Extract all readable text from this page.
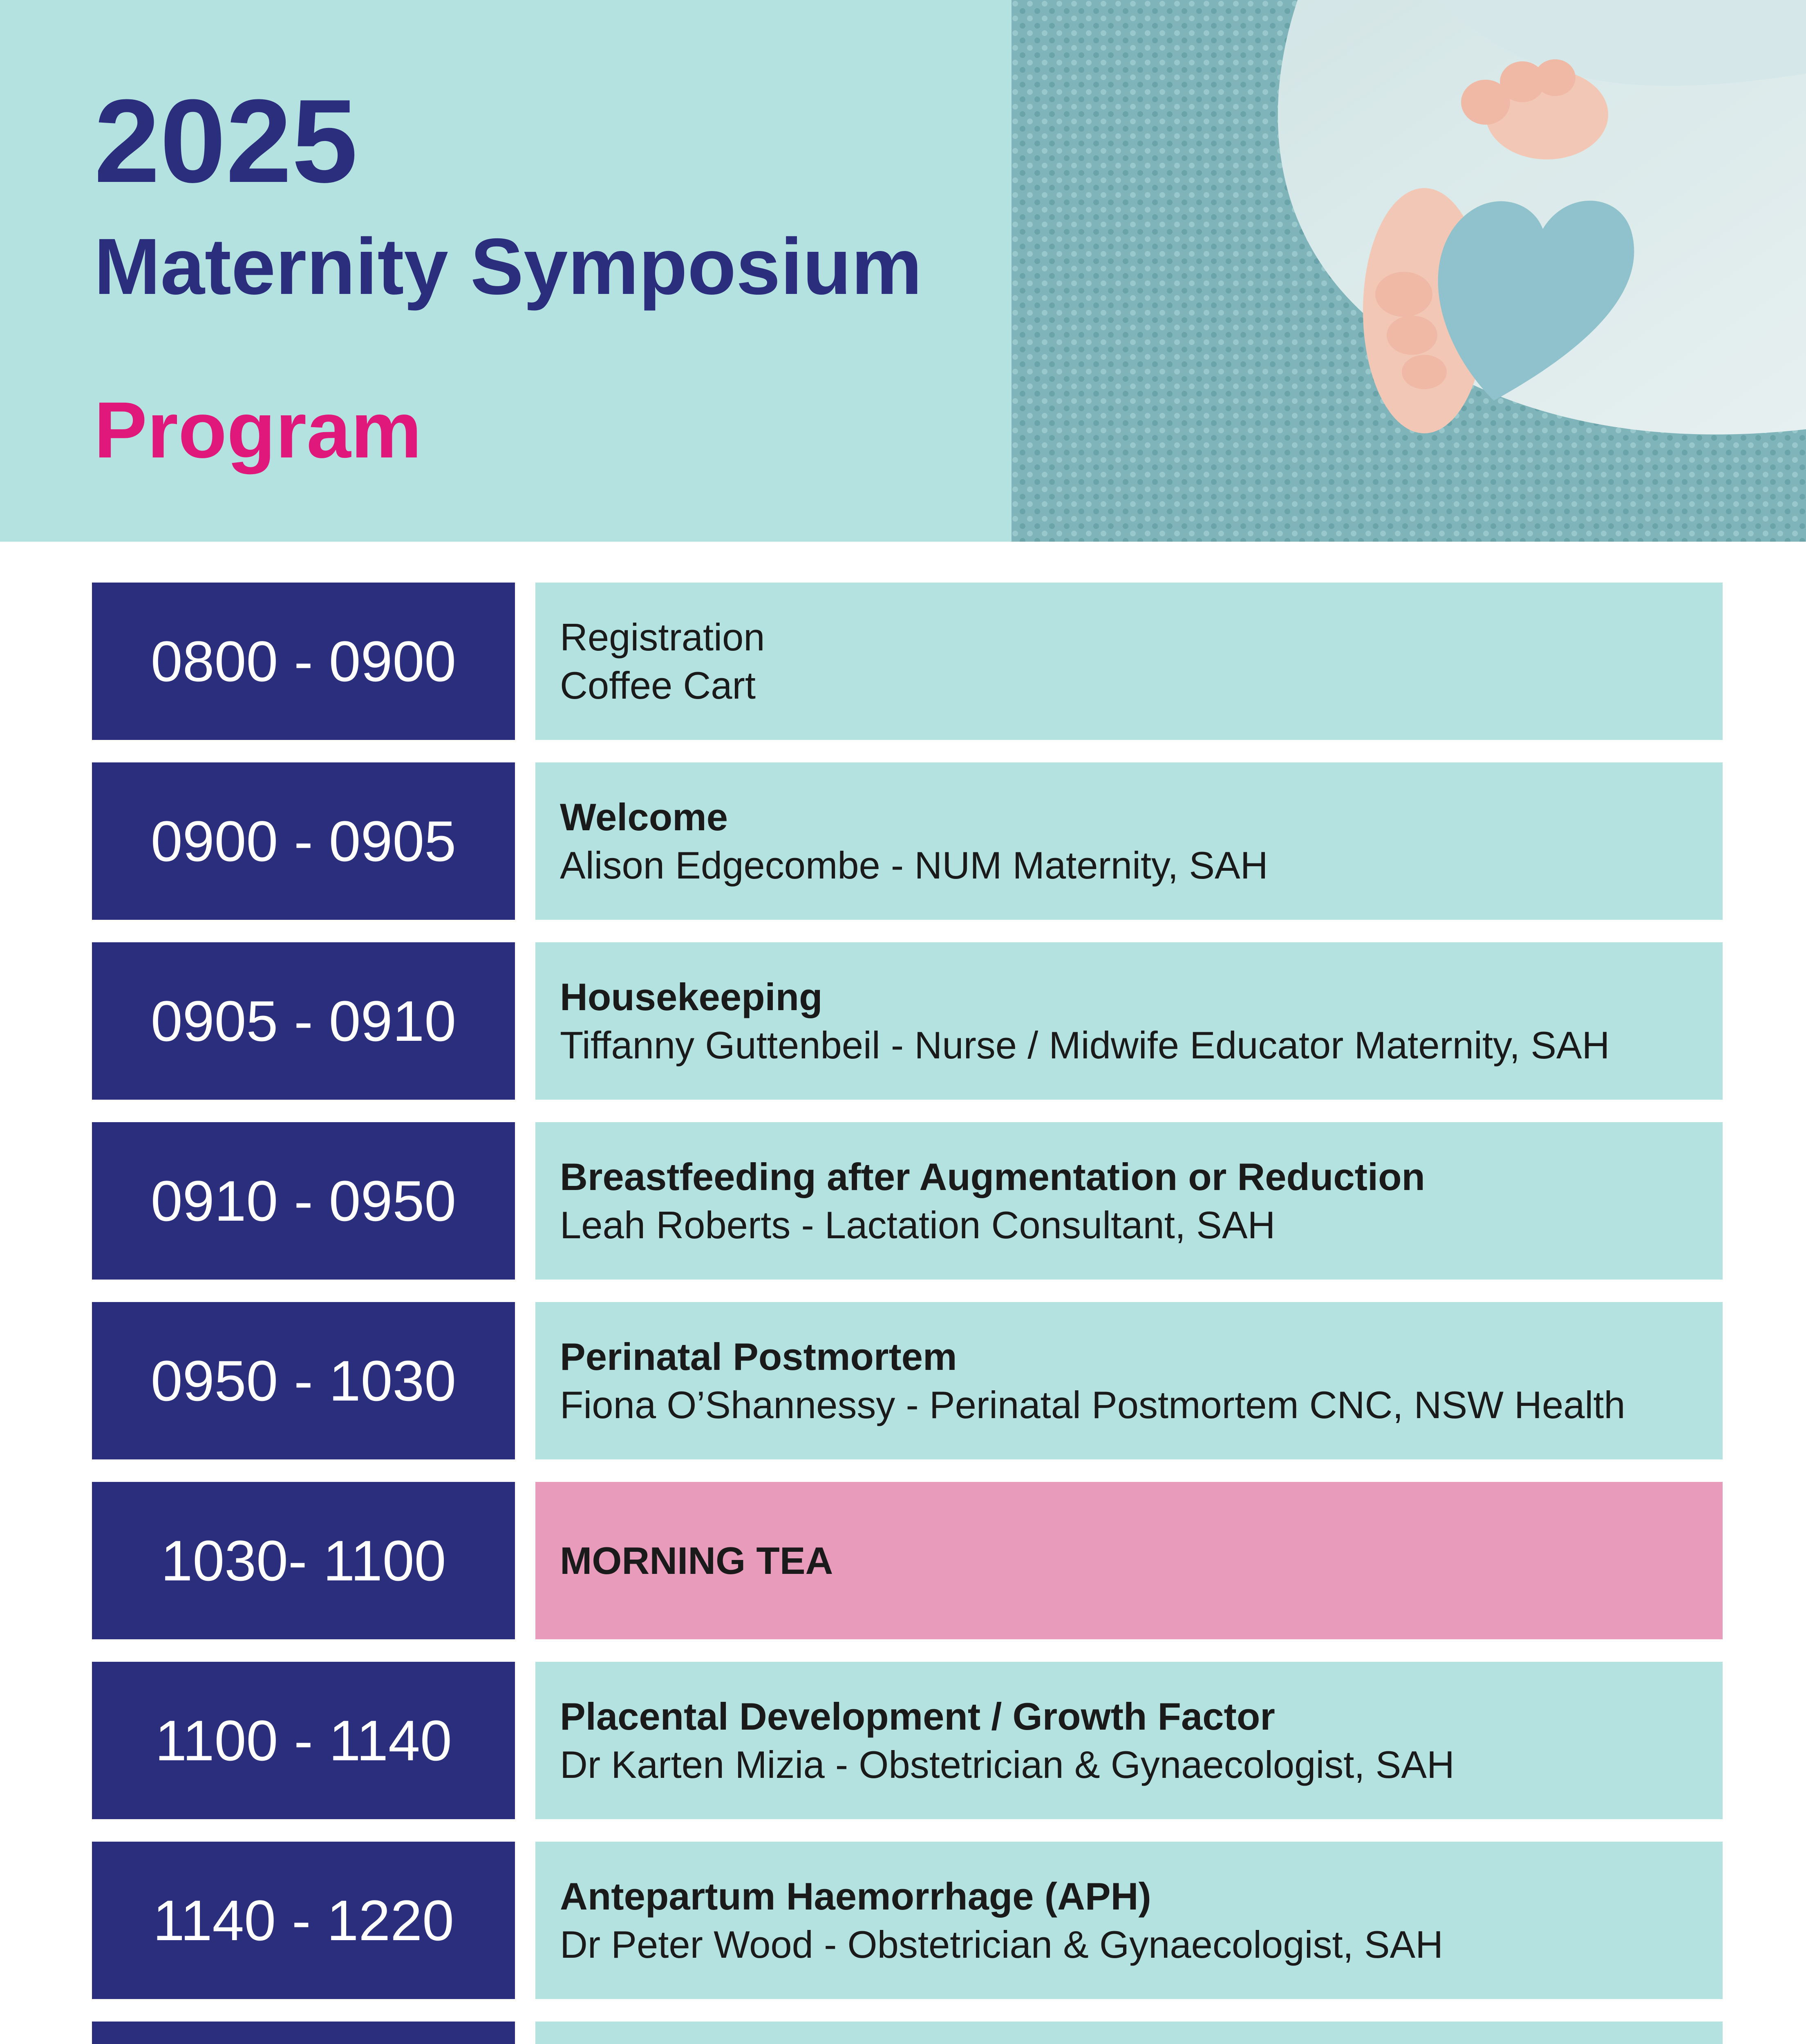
2025
Maternity Symposium
Program
0800 - 0900	Registration
Coffee Cart
0900 - 0905	Welcome
Alison Edgecombe - NUM Maternity, SAH
0905 - 0910	Housekeeping
Tiffanny Guttenbeil - Nurse / Midwife Educator Maternity, SAH
0910 - 0950	Breastfeeding after Augmentation or Reduction
Leah Roberts - Lactation Consultant, SAH
0950 - 1030	Perinatal Postmortem
Fiona O’Shannessy - Perinatal Postmortem CNC, NSW Health
1030- 1100	MORNING TEA
1100 - 1140	Placental Development / Growth Factor
Dr Karten Mizia - Obstetrician & Gynaecologist, SAH
1140 - 1220	Antepartum Haemorrhage (APH)
Dr Peter Wood - Obstetrician & Gynaecologist, SAH
